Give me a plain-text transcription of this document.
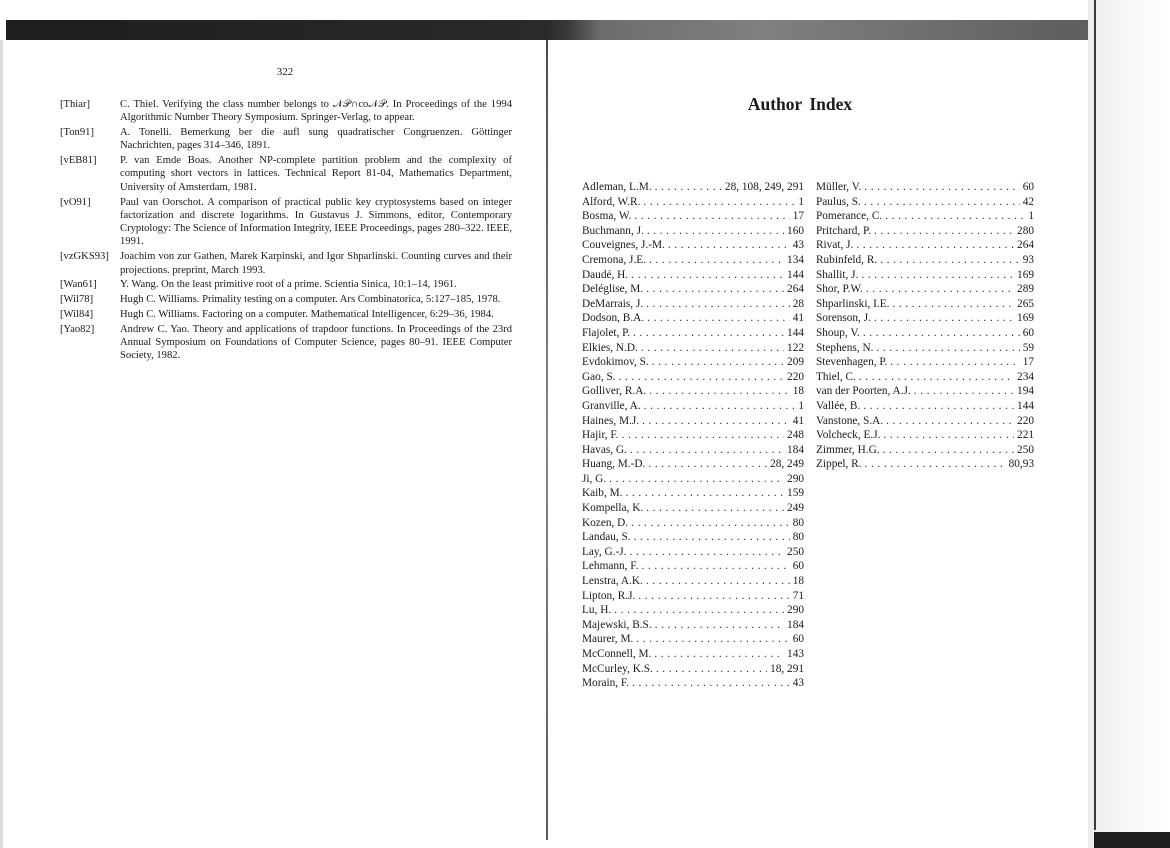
322
[Thiar]	C. Thiel. Verifying the class number belongs to 𝒩𝒫∩co𝒩𝒫. In Proceedings of the 1994 Algorithmic Number Theory Symposium. Springer-Verlag, to appear.
[Ton91]	A. Tonelli. Bemerkung ber die aufl sung quadratischer Congruenzen. Göttinger Nachrichten, pages 314–346, 1891.
[vEB81]	P. van Emde Boas. Another NP-complete partition problem and the complexity of computing short vectors in lattices. Technical Report 81-04, Mathematics Department, University of Amsterdam, 1981.
[vO91]	Paul van Oorschot. A comparison of practical public key cryptosystems based on integer factorization and discrete logarithms. In Gustavus J. Simmons, editor, Contemporary Cryptology: The Science of Information Integrity, IEEE Proceedings, pages 280–322. IEEE, 1991.
[vzGKS93]	Joachim von zur Gathen, Marek Karpinski, and Igor Shparlinski. Counting curves and their projections. preprint, March 1993.
[Wan61]	Y. Wang. On the least primitive root of a prime. Scientia Sinica, 10:1–14, 1961.
[Wil78]	Hugh C. Williams. Primality testing on a computer. Ars Combinatorica, 5:127–185, 1978.
[Wil84]	Hugh C. Williams. Factoring on a computer. Mathematical Intelligencer, 6:29–36, 1984.
[Yao82]	Andrew C. Yao. Theory and applications of trapdoor functions. In Proceedings of the 23rd Annual Symposium on Foundations of Computer Science, pages 80–91. IEEE Computer Society, 1982.
Author Index
Adleman, L.M. . . .	28, 108, 249, 291
Alford, W.R. . . .	1
Bosma, W. . . .	17
Buchmann, J. . . .	160
Couveignes, J.-M. . . .	43
Cremona, J.E. . . .	134
Daudé, H. . . .	144
Deléglise, M. . . .	264
DeMarrais, J. . . .	28
Dodson, B.A. . . .	41
Flajolet, P. . . .	144
Elkies, N.D. . . .	122
Evdokimov, S. . . .	209
Gao, S. . . .	220
Golliver, R.A. . . .	18
Granville, A. . . .	1
Haines, M.J. . . .	41
Hajir, F. . . .	248
Havas, G. . . .	184
Huang, M.-D. . . .	28, 249
Ji, G. . . .	290
Kaib, M. . . .	159
Kompella, K. . . .	249
Kozen, D. . . .	80
Landau, S. . . .	80
Lay, G.-J. . . .	250
Lehmann, F. . . .	60
Lenstra, A.K. . . .	18
Lipton, R.J. . . .	71
Lu, H. . . .	290
Majewski, B.S. . . .	184
Maurer, M. . . .	60
McConnell, M. . . .	143
McCurley, K.S. . . .	18, 291
Morain, F. . . .	43
Müller, V. . . .	60
Paulus, S. . . .	42
Pomerance, C. . . .	1
Pritchard, P. . . .	280
Rivat, J. . . .	264
Rubinfeld, R. . . .	93
Shallit, J. . . .	169
Shor, P.W. . . .	289
Shparlinski, I.E. . . .	265
Sorenson, J. . . .	169
Shoup, V. . . .	60
Stephens, N. . . .	59
Stevenhagen, P. . . .	17
Thiel, C. . . .	234
van der Poorten, A.J. . . .	194
Vallée, B. . . .	144
Vanstone, S.A. . . .	220
Volcheck, E.J. . . .	221
Zimmer, H.G. . . .	250
Zippel, R. . . .	80,93
